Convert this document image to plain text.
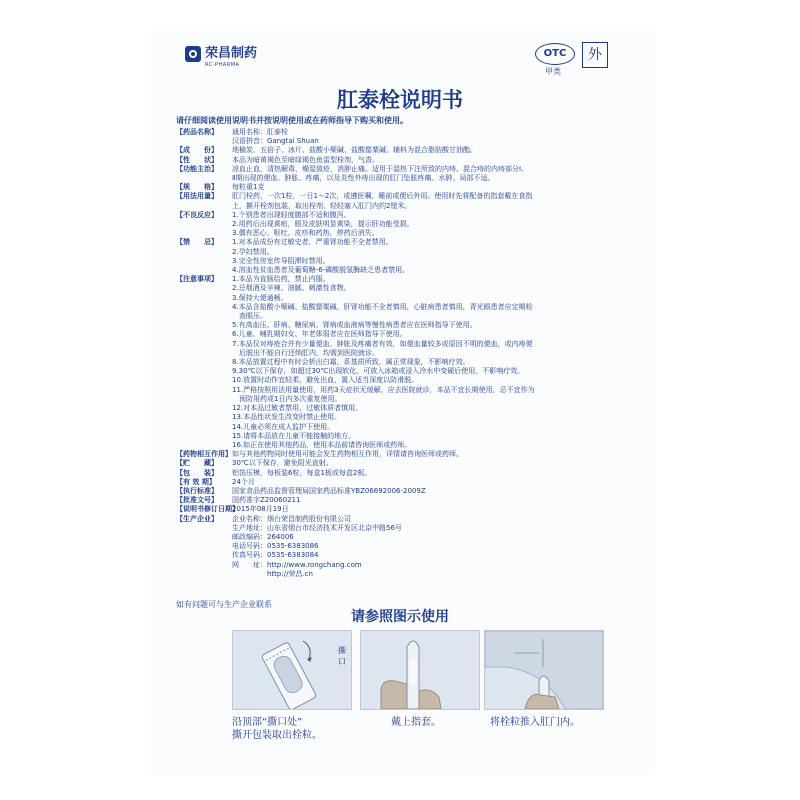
荣昌制药
RC-PHARMA
OTC
甲类
外
肛泰栓说明书
请仔细阅读使用说明书并按说明使用或在药师指导下购买和使用。
【药品名称】	通用名称：肛泰栓
汉语拼音：Gangtai Shuan
【成　　份】	地榆炭、五倍子、冰片、盐酸小檗碱、盐酸罂粟碱。辅料为混合脂肪酸甘油酯。
【性　　状】	本品为暗黄褐色至暗绿褐色鱼雷型栓剂，气香。
【功能主治】	凉血止血，清热解毒，燥湿敛疮，消肿止痛。适用于湿热下注所致的内痔、混合痔的内痔部分Ⅰ、
Ⅱ期出现的便血、肿胀、疼痛，以及炎性外痔出现的肛门坠胀疼痛、水肿、局部不适。
【规　　格】	每粒重1克
【用法用量】	肛门栓药，一次1粒，一日1～2次，或遵医嘱，睡前或便后外用。使用时先将配备的指套戴在食指
上，撕开栓剂包装，取出栓剂，轻轻塞入肛门内约2厘米。
【不良反应】	1.个别患者出现轻度腹部不适和腹泻。
2.用药后出现黄疸，眼及皮肤明显黄染，提示肝功能受损。
3.偶有恶心、呕吐、皮疹和药热，停药后消失。
【禁　　忌】	1.对本品成份有过敏史者，严重肾功能不全者禁用。
2.孕妇禁用。
3.完全性房室传导阻滞时禁用。
4.溶血性贫血患者及葡萄糖-6-磷酸脱氢酶缺乏患者禁用。
【注意事项】	1.本品为直肠给药，禁止内服。
2.忌烟酒及辛辣、油腻、刺激性食物。
3.保持大便通畅。
4.本品含盐酸小檗碱、盐酸罂粟碱，肝肾功能不全者慎用，心脏病患者慎用，青光眼患者应定期检
　查眼压。
5.有高血压、肝病、糖尿病、肾病或血液病等慢性病患者应在医师指导下使用。
6.儿童、哺乳期妇女、年老体弱者应在医师指导下使用。
7.本品仅对痔疮合并有少量便血、肿胀及疼痛者有效，如便血量较多或原因不明的便血，或内痔便
　后脱出不能自行还纳肛内，均需到医院就诊。
8.本品放置过程中有时会析出白霜，系基质所致，属正常现象，不影响疗效。
9.30℃以下保存，如超过30℃出现软化，可放入冰箱或浸入冷水中变硬后使用，不影响疗效。
10.放置时动作宜轻柔，避免出血，置入适当深度以防滑脱。
11.严格按照用法用量使用，用药3天症状无缓解，应去医院就诊，本品不宜长期使用，忌不宜作为
　预防用药或1日内多次重复使用。
12.对本品过敏者禁用，过敏体质者慎用。
13.本品性状发生改变时禁止使用。
14.儿童必须在成人监护下使用。
15.请将本品放在儿童不能接触的地方。
16.如正在使用其他药品，使用本品前请咨询医师或药师。
【药物相互作用】 如与其他药物同时使用可能会发生药物相互作用，详情请咨询医师或药师。
【贮　　藏】	30℃以下保存，避免阳光直射。
【包　　装】	铝箔压模，每板装6粒，每盒1板或每盒2板。
【有 效 期】	24个月
【执行标准】	国家食品药品监督管理局国家药品标准YBZ06692006-2009Z
【批准文号】	国药准字Z20060211
【说明书修订日期】
2015年08月19日
【生产企业】	企业名称：烟台荣昌制药股份有限公司
生产地址：山东省烟台市经济技术开发区北京中路56号
邮政编码：264006
电话号码：0535-6383086
传真号码：0535-6383084
网　　址：http://www.rongchang.com
　　　　　http://荣昌.cn
如有问题可与生产企业联系
请参照图示使用
撕口
沿顶部“撕口处”
撕开包装取出栓粒。
戴上指套。	将栓粒推入肛门内。
